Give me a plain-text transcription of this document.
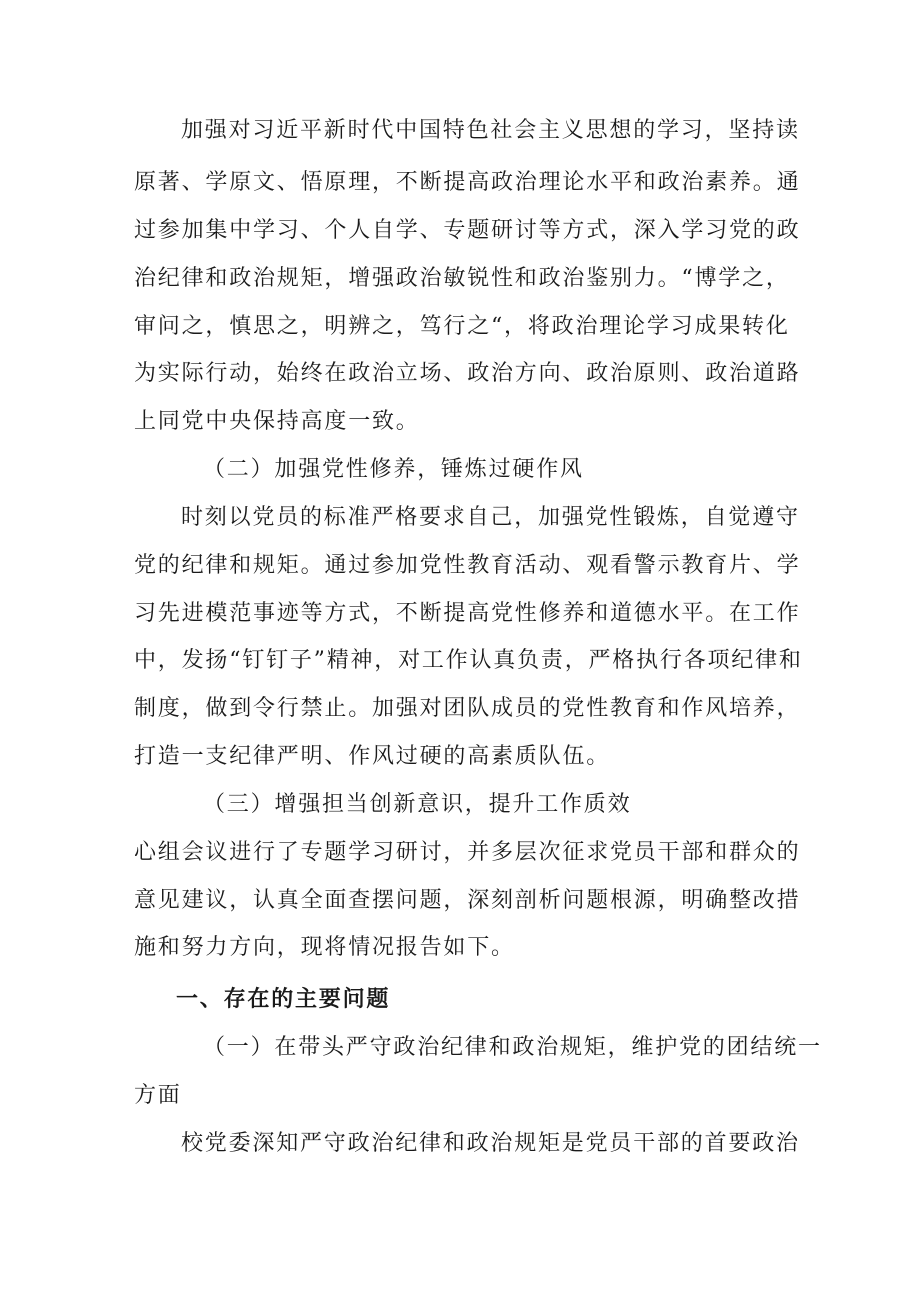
加强对习近平新时代中国特色社会主义思想的学习，坚持读
原著、学原文、悟原理，不断提高政治理论水平和政治素养。通
过参加集中学习、个人自学、专题研讨等方式，深入学习党的政
治纪律和政治规矩，增强政治敏锐性和政治鉴别力。“博学之，
审问之，慎思之，明辨之，笃行之“，将政治理论学习成果转化
为实际行动，始终在政治立场、政治方向、政治原则、政治道路
上同党中央保持高度一致。
（二）加强党性修养，锤炼过硬作风
时刻以党员的标准严格要求自己，加强党性锻炼，自觉遵守
党的纪律和规矩。通过参加党性教育活动、观看警示教育片、学
习先进模范事迹等方式，不断提高党性修养和道德水平。在工作
中，发扬“钉钉子”精神，对工作认真负责，严格执行各项纪律和
制度，做到令行禁止。加强对团队成员的党性教育和作风培养，
打造一支纪律严明、作风过硬的高素质队伍。
（三）增强担当创新意识，提升工作质效
心组会议进行了专题学习研讨，并多层次征求党员干部和群众的
意见建议，认真全面查摆问题，深刻剖析问题根源，明确整改措
施和努力方向，现将情况报告如下。
一、存在的主要问题
（一）在带头严守政治纪律和政治规矩，维护党的团结统一
方面
校党委深知严守政治纪律和政治规矩是党员干部的首要政治
